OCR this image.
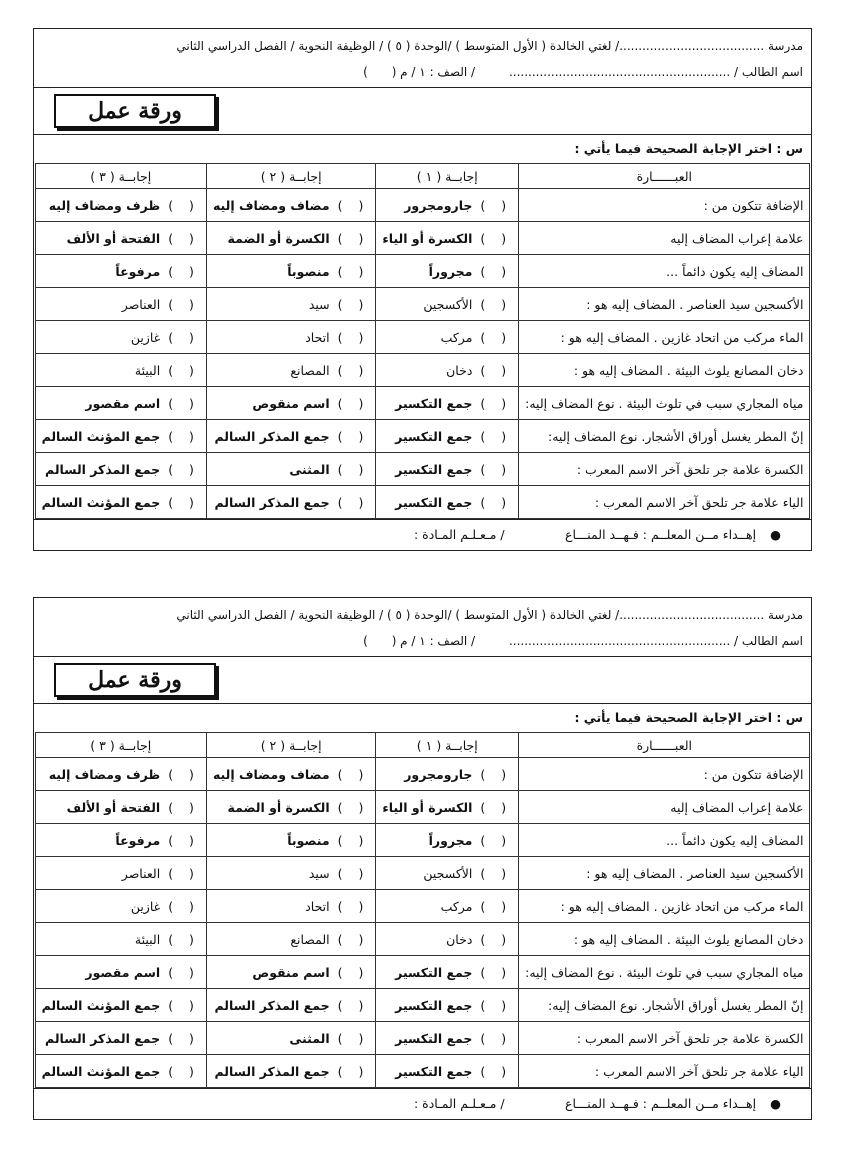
مدرسة ....................................../ لغتي الخالدة ( الأول المتوسط ) /الوحدة ( ٥ ) / الوظيفة النحوية / الفصل الدراسي الثاني
اسم الطالب / .......................................................... / الصف : ١ / م ( )
ورقة عمل
س : اختر الإجابة الصحيحة فيما يأتي :
العبــــــارة	إجابــة ( ١ )	إجابــة ( ٢ )	إجابــة ( ٣ )
الإضافة تتكون من :	( )جارومجرور	( )مضاف ومضاف إليه	( )ظرف ومضاف إليه
علامة إعراب المضاف إليه	( )الكسرة أو الياء	( )الكسرة أو الضمة	( )الفتحة أو الألف
المضاف إليه يكون دائماً ...	( )مجروراً	( )منصوباً	( )مرفوعاً
الأكسجين سيد العناصر . المضاف إليه هو :	( )الأكسجين	( )سيد	( )العناصر
الماء مركب من اتحاد غازين . المضاف إليه هو :	( )مركب	( )اتحاد	( )غازين
دخان المصانع يلوث البيئة . المضاف إليه هو :	( )دخان	( )المصانع	( )البيئة
مياه المجاري سبب في تلوث البيئة . نوع المضاف إليه:	( )جمع التكسير	( )اسم منقوص	( )اسم مقصور
إنّ المطر يغسل أوراق الأشجار. نوع المضاف إليه:	( )جمع التكسير	( )جمع المذكر السالم	( )جمع المؤنث السالم
الكسرة علامة جر تلحق آخر الاسم المعرب :	( )جمع التكسير	( )المثنى	( )جمع المذكر السالم
الياء علامة جر تلحق آخر الاسم المعرب :	( )جمع التكسير	( )جمع المذكر السالم	( )جمع المؤنث السالم
● إهــداء مــن المعلــم : فـهــد المنـــاع
/ مـعـلـم المـادة :
مدرسة ....................................../ لغتي الخالدة ( الأول المتوسط ) /الوحدة ( ٥ ) / الوظيفة النحوية / الفصل الدراسي الثاني
اسم الطالب / .......................................................... / الصف : ١ / م ( )
ورقة عمل
س : اختر الإجابة الصحيحة فيما يأتي :
العبــــــارة	إجابــة ( ١ )	إجابــة ( ٢ )	إجابــة ( ٣ )
الإضافة تتكون من :	( )جارومجرور	( )مضاف ومضاف إليه	( )ظرف ومضاف إليه
علامة إعراب المضاف إليه	( )الكسرة أو الياء	( )الكسرة أو الضمة	( )الفتحة أو الألف
المضاف إليه يكون دائماً ...	( )مجروراً	( )منصوباً	( )مرفوعاً
الأكسجين سيد العناصر . المضاف إليه هو :	( )الأكسجين	( )سيد	( )العناصر
الماء مركب من اتحاد غازين . المضاف إليه هو :	( )مركب	( )اتحاد	( )غازين
دخان المصانع يلوث البيئة . المضاف إليه هو :	( )دخان	( )المصانع	( )البيئة
مياه المجاري سبب في تلوث البيئة . نوع المضاف إليه:	( )جمع التكسير	( )اسم منقوص	( )اسم مقصور
إنّ المطر يغسل أوراق الأشجار. نوع المضاف إليه:	( )جمع التكسير	( )جمع المذكر السالم	( )جمع المؤنث السالم
الكسرة علامة جر تلحق آخر الاسم المعرب :	( )جمع التكسير	( )المثنى	( )جمع المذكر السالم
الياء علامة جر تلحق آخر الاسم المعرب :	( )جمع التكسير	( )جمع المذكر السالم	( )جمع المؤنث السالم
● إهــداء مــن المعلــم : فـهــد المنـــاع
/ مـعـلـم المـادة :
